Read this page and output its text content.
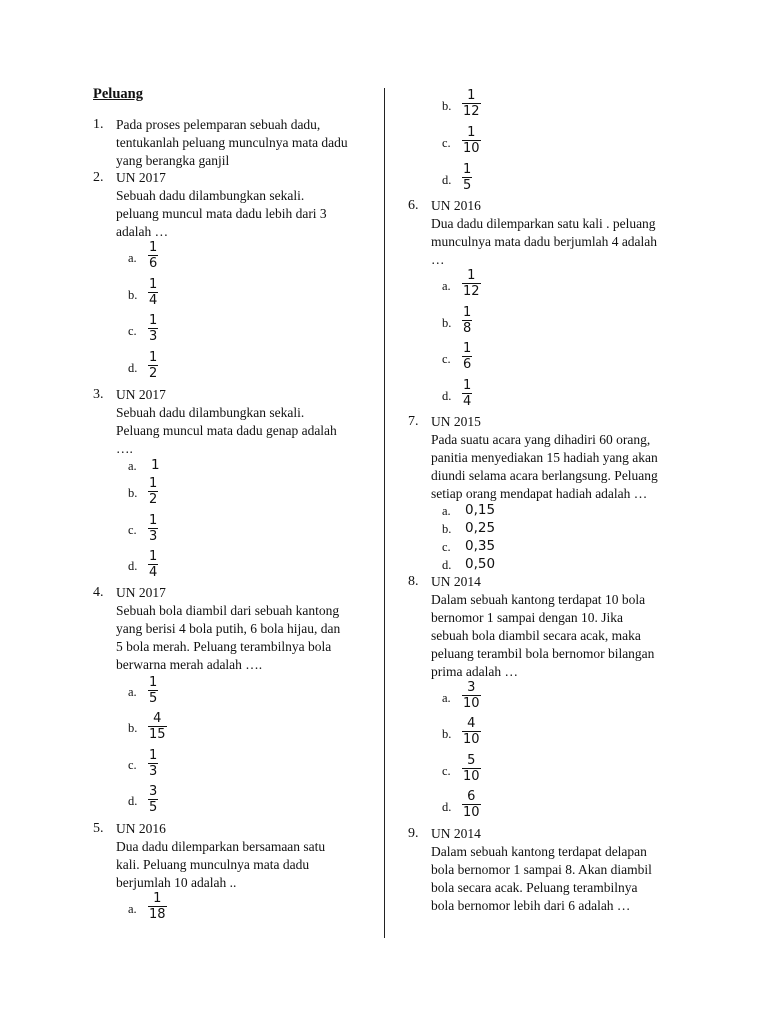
Peluang
1. Pada proses pelemparan sebuah dadu,
tentukanlah peluang munculnya mata dadu
yang berangka ganjil
2. UN 2017
Sebuah dadu dilambungkan sekali.
peluang muncul mata dadu lebih dari 3
adalah …
a. $\frac{1}{6}$
b. $\frac{1}{4}$
c. $\frac{1}{3}$
d. $\frac{1}{2}$
3. UN 2017
Sebuah dadu dilambungkan sekali.
Peluang muncul mata dadu genap adalah
….
a. 1
b. $\frac{1}{2}$
c. $\frac{1}{3}$
d. $\frac{1}{4}$
4. UN 2017
Sebuah bola diambil dari sebuah kantong
yang berisi 4 bola putih, 6 bola hijau, dan
5 bola merah. Peluang terambilnya bola
berwarna merah adalah ….
a. $\frac{1}{5}$
b. $\frac{4}{15}$
c. $\frac{1}{3}$
d. $\frac{3}{5}$
5. UN 2016
Dua dadu dilemparkan bersamaan satu
kali. Peluang munculnya mata dadu
berjumlah 10 adalah ..
a. $\frac{1}{18}$
b. $\frac{1}{12}$
c. $\frac{1}{10}$
d. $\frac{1}{5}$
6. UN 2016
Dua dadu dilemparkan satu kali . peluang
munculnya mata dadu berjumlah 4 adalah
…
a. $\frac{1}{12}$
b. $\frac{1}{8}$
c. $\frac{1}{6}$
d. $\frac{1}{4}$
7. UN 2015
Pada suatu acara yang dihadiri 60 orang,
panitia menyediakan 15 hadiah yang akan
diundi selama acara berlangsung. Peluang
setiap orang mendapat hadiah adalah …
a. 0,15
b. 0,25
c. 0,35
d. 0,50
8. UN 2014
Dalam sebuah kantong terdapat 10 bola
bernomor 1 sampai dengan 10. Jika
sebuah bola diambil secara acak, maka
peluang terambil bola bernomor bilangan
prima adalah …
a. $\frac{3}{10}$
b. $\frac{4}{10}$
c. $\frac{5}{10}$
d. $\frac{6}{10}$
9. UN 2014
Dalam sebuah kantong terdapat delapan
bola bernomor 1 sampai 8. Akan diambil
bola secara acak. Peluang terambilnya
bola bernomor lebih dari 6 adalah …
